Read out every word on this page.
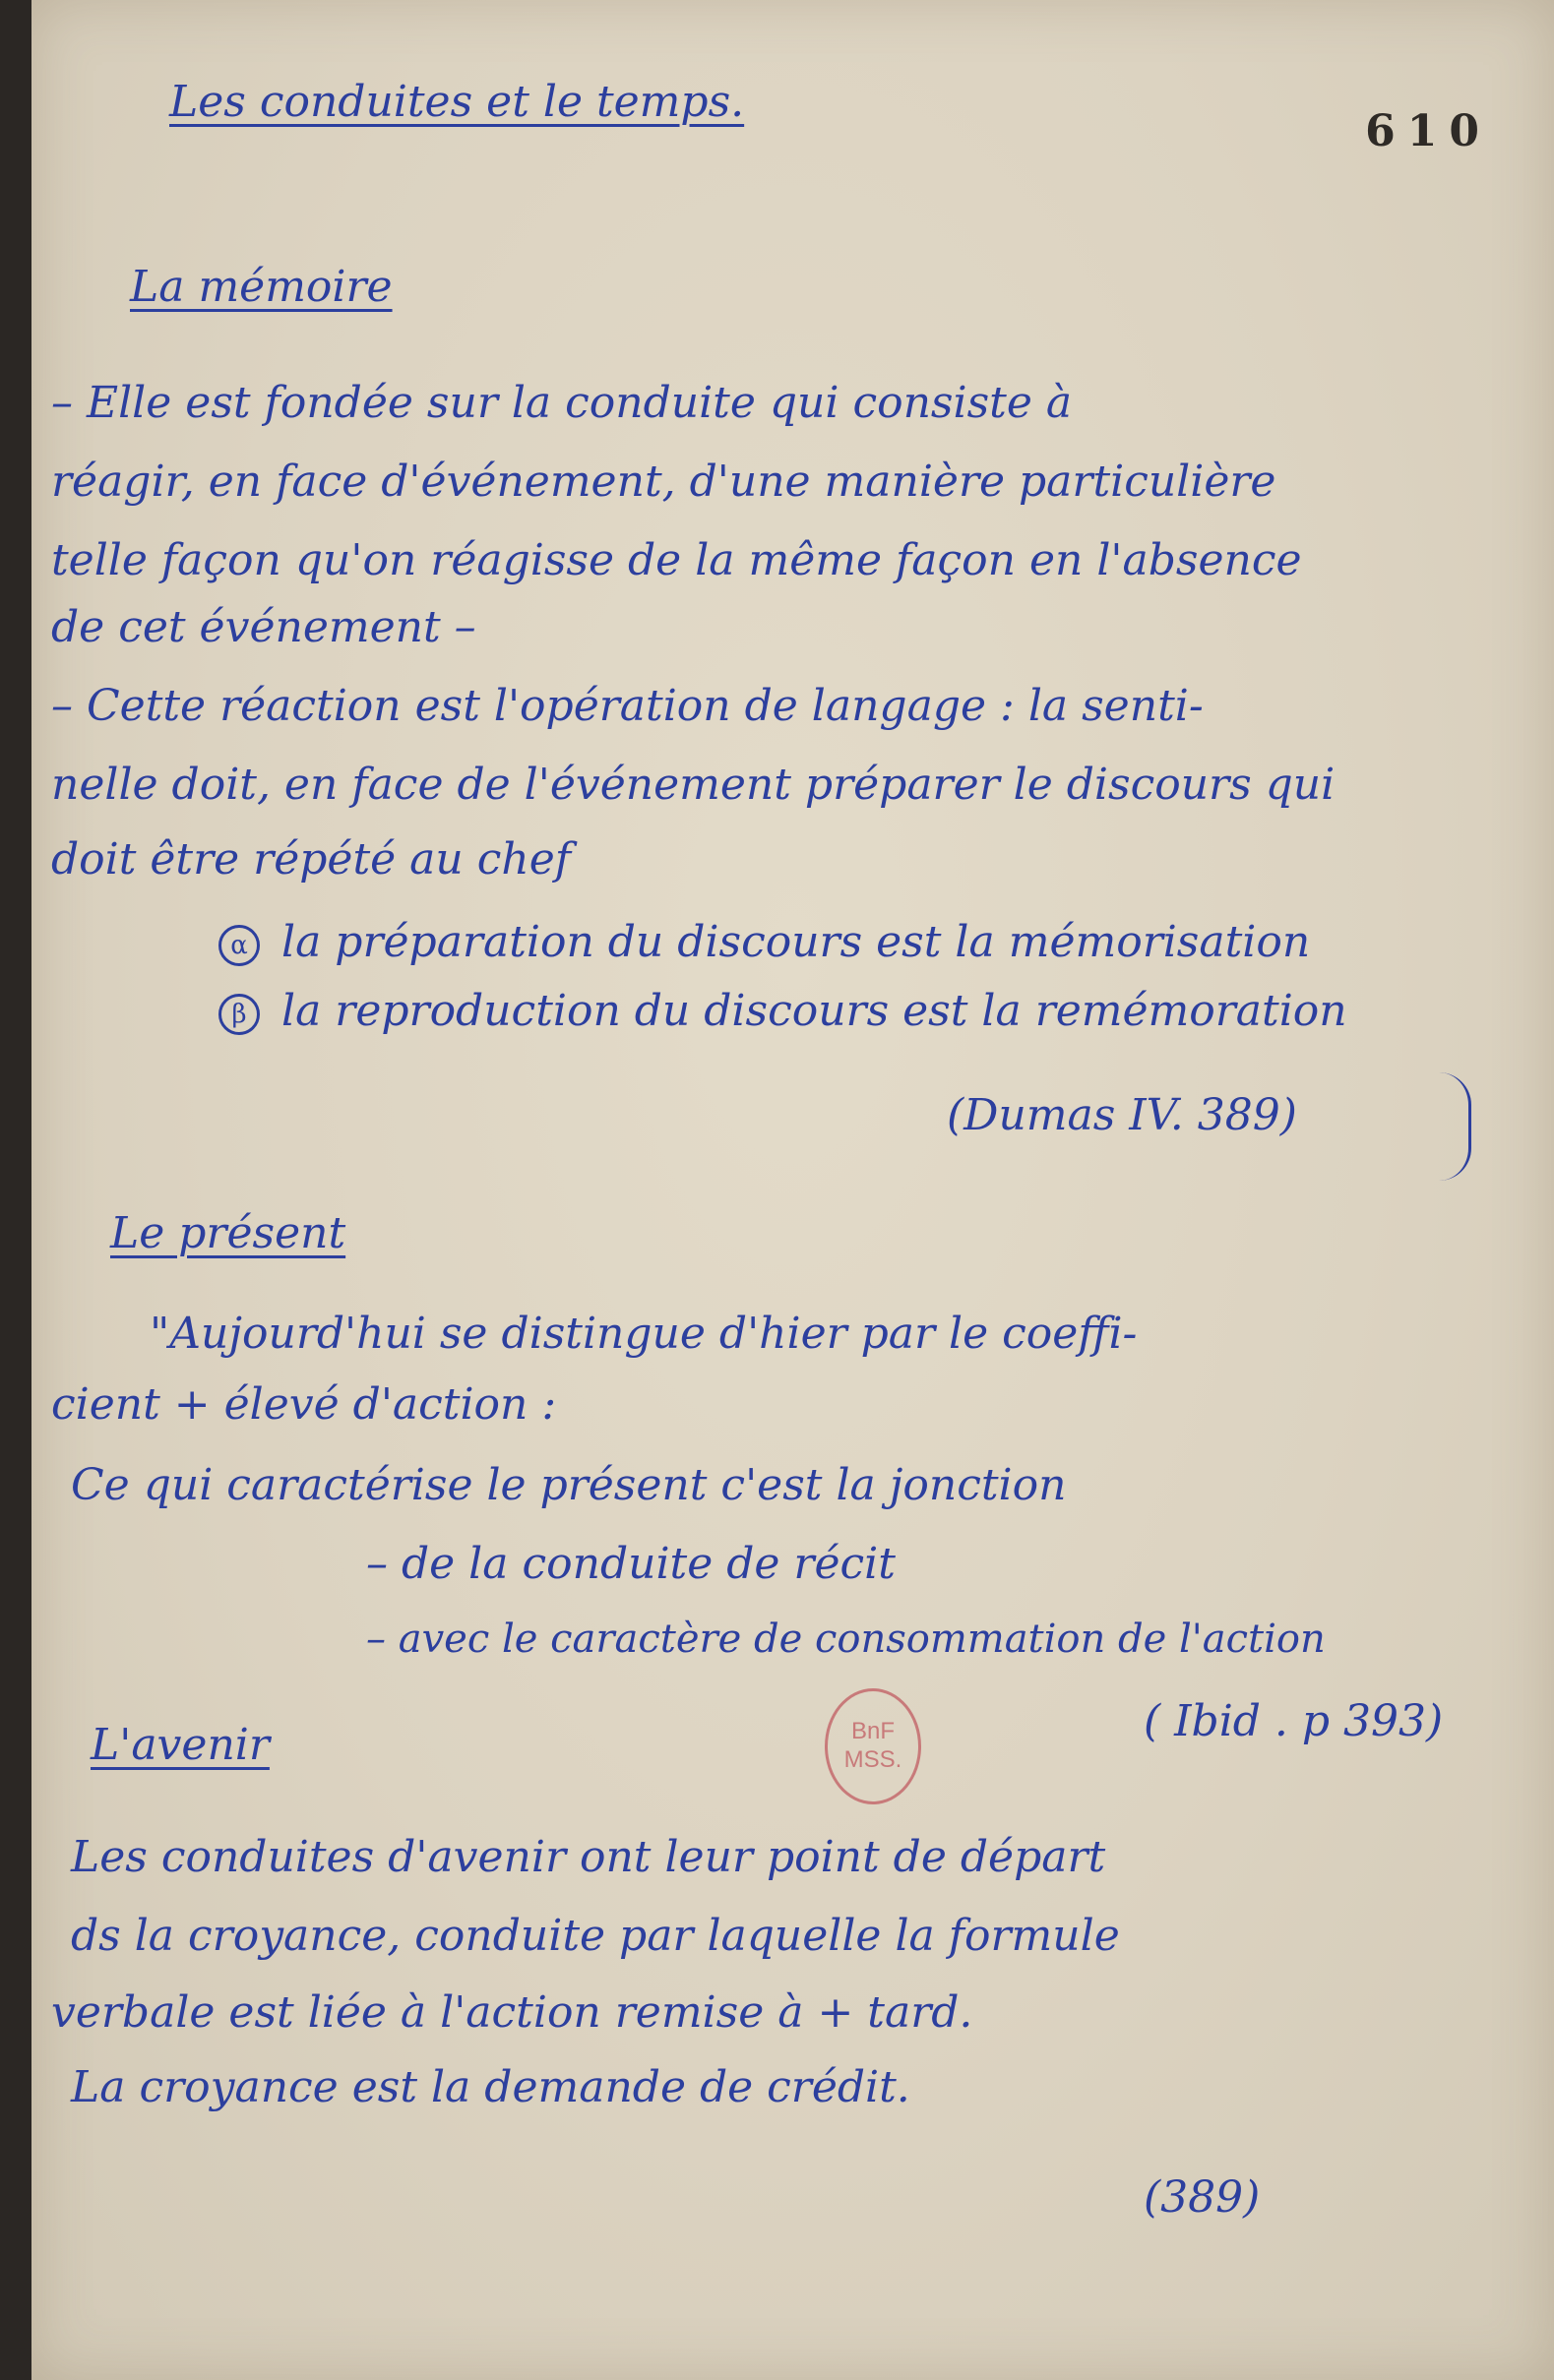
Les conduites et le temps.
610
La mémoire
– Elle est fondée sur la conduite qui consiste à
réagir, en face d'événement, d'une manière particulière
telle façon qu'on réagisse de la même façon en l'absence
de cet événement –
– Cette réaction est l'opération de langage : la senti-
nelle doit, en face de l'événement préparer le discours qui
doit être répété au chef
α la préparation du discours est la mémorisation
β la reproduction du discours est la remémoration
(Dumas IV. 389)
Le présent
"Aujourd'hui se distingue d'hier par le coeffi-
cient + élevé d'action :
Ce qui caractérise le présent c'est la jonction
– de la conduite de récit
– avec le caractère de consommation de l'action
( Ibid . p 393)
BnF
MSS.
L'avenir
Les conduites d'avenir ont leur point de départ
ds la croyance, conduite par laquelle la formule
verbale est liée à l'action remise à + tard.
La croyance est la demande de crédit.
(389)
